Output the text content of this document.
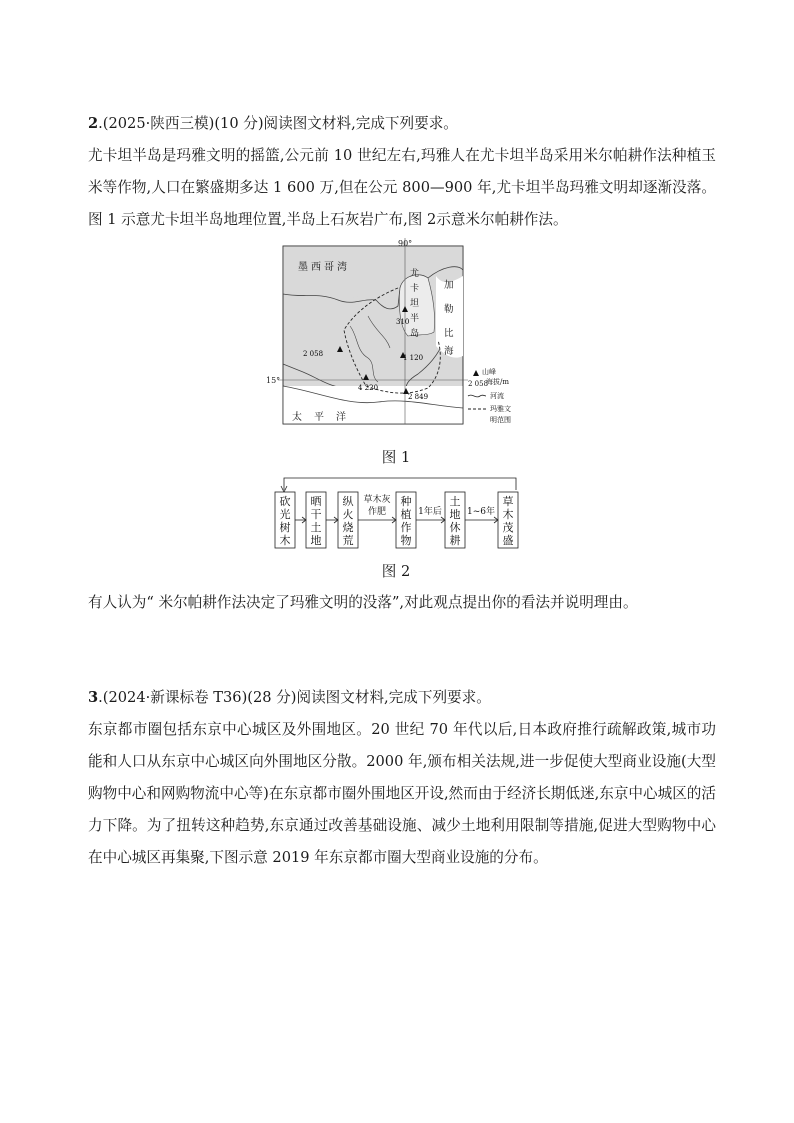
2.(2025·陕西三模)(10 分)阅读图文材料,完成下列要求。

尤卡坦半岛是玛雅文明的摇篮,公元前 10 世纪左右,玛雅人在尤卡坦半岛采用米尔帕耕作法种植玉米等作物,人口在繁盛期多达 1 600 万,但在公元 800—900 年,尤卡坦半岛玛雅文明却逐渐没落。图 1 示意尤卡坦半岛地理位置,半岛上石灰岩广布,图 2示意米尔帕耕作法。

90°
15°
墨西哥湾
尤
卡
坦
半
岛
加
勒
比
海
太平洋
2 058
310
1 120
4 220
2 849
山峰
2 058
海拔/m
河流
玛雅文
明范围
图 1
砍
光
树
木
晒
干
土
地
纵
火
烧
荒
种
植
作
物
土
地
休
耕
草
木
茂
盛
草木灰
作肥	1年后	1~6年
图 2
有人认为“ 米尔帕耕作法决定了玛雅文明的没落”,对此观点提出你的看法并说明理由。

3.(2024·新课标卷 T36)(28 分)阅读图文材料,完成下列要求。

东京都市圈包括东京中心城区及外围地区。20 世纪 70 年代以后,日本政府推行疏解政策,城市功能和人口从东京中心城区向外围地区分散。2000 年,颁布相关法规,进一步促使大型商业设施(大型购物中心和网购物流中心等)在东京都市圈外围地区开设,然而由于经济长期低迷,东京中心城区的活力下降。为了扭转这种趋势,东京通过改善基础设施、减少土地利用限制等措施,促进大型购物中心在中心城区再集聚,下图示意 2019 年东京都市圈大型商业设施的分布。
